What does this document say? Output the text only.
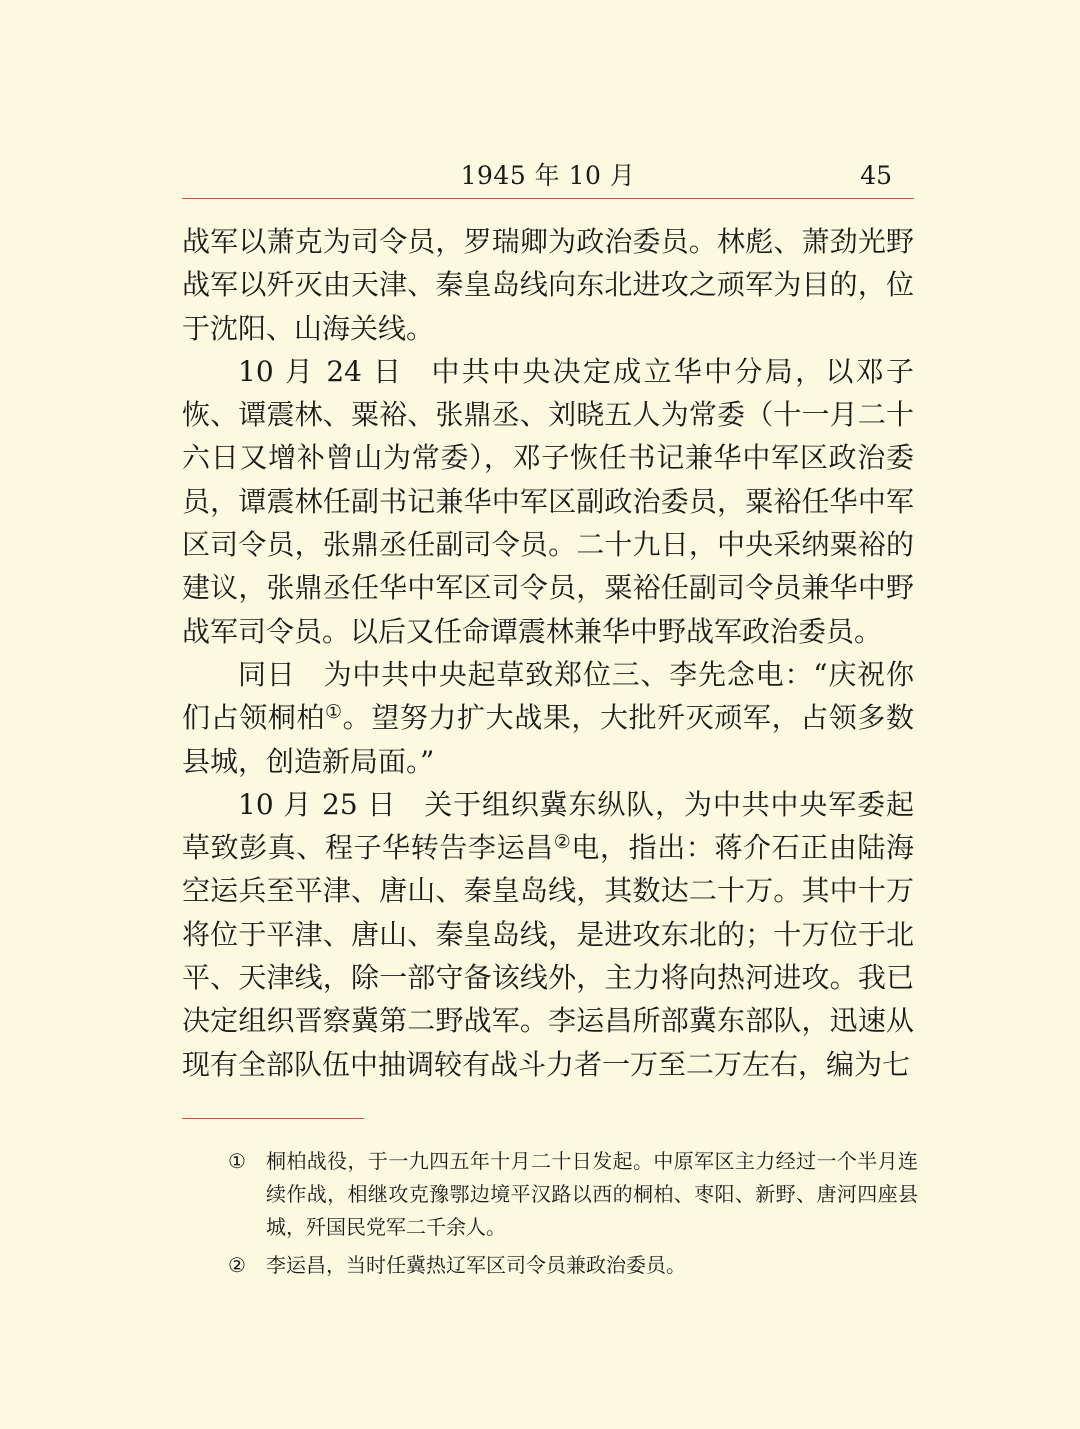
1945 年 10 月	45

战军以萧克为司令员，罗瑞卿为政治委员。林彪、萧劲光野战军以歼灭由天津、秦皇岛线向东北进攻之顽军为目的，位于沈阳、山海关线。

10 月 24 日 中共中央决定成立华中分局，以邓子恢、谭震林、粟裕、张鼎丞、刘晓五人为常委（十一月二十六日又增补曾山为常委），邓子恢任书记兼华中军区政治委员，谭震林任副书记兼华中军区副政治委员，粟裕任华中军区司令员，张鼎丞任副司令员。二十九日，中央采纳粟裕的建议，张鼎丞任华中军区司令员，粟裕任副司令员兼华中野战军司令员。以后又任命谭震林兼华中野战军政治委员。

同日 为中共中央起草致郑位三、李先念电：“庆祝你们占领桐柏①。望努力扩大战果，大批歼灭顽军，占领多数县城，创造新局面。”

10 月 25 日 关于组织冀东纵队，为中共中央军委起草致彭真、程子华转告李运昌②电，指出：蒋介石正由陆海空运兵至平津、唐山、秦皇岛线，其数达二十万。其中十万将位于平津、唐山、秦皇岛线，是进攻东北的；十万位于北平、天津线，除一部守备该线外，主力将向热河进攻。我已决定组织晋察冀第二野战军。李运昌所部冀东部队，迅速从现有全部队伍中抽调较有战斗力者一万至二万左右，编为七

① 桐柏战役，于一九四五年十月二十日发起。中原军区主力经过一个半月连续作战，相继攻克豫鄂边境平汉路以西的桐柏、枣阳、新野、唐河四座县城，歼国民党军二千余人。
② 李运昌，当时任冀热辽军区司令员兼政治委员。
